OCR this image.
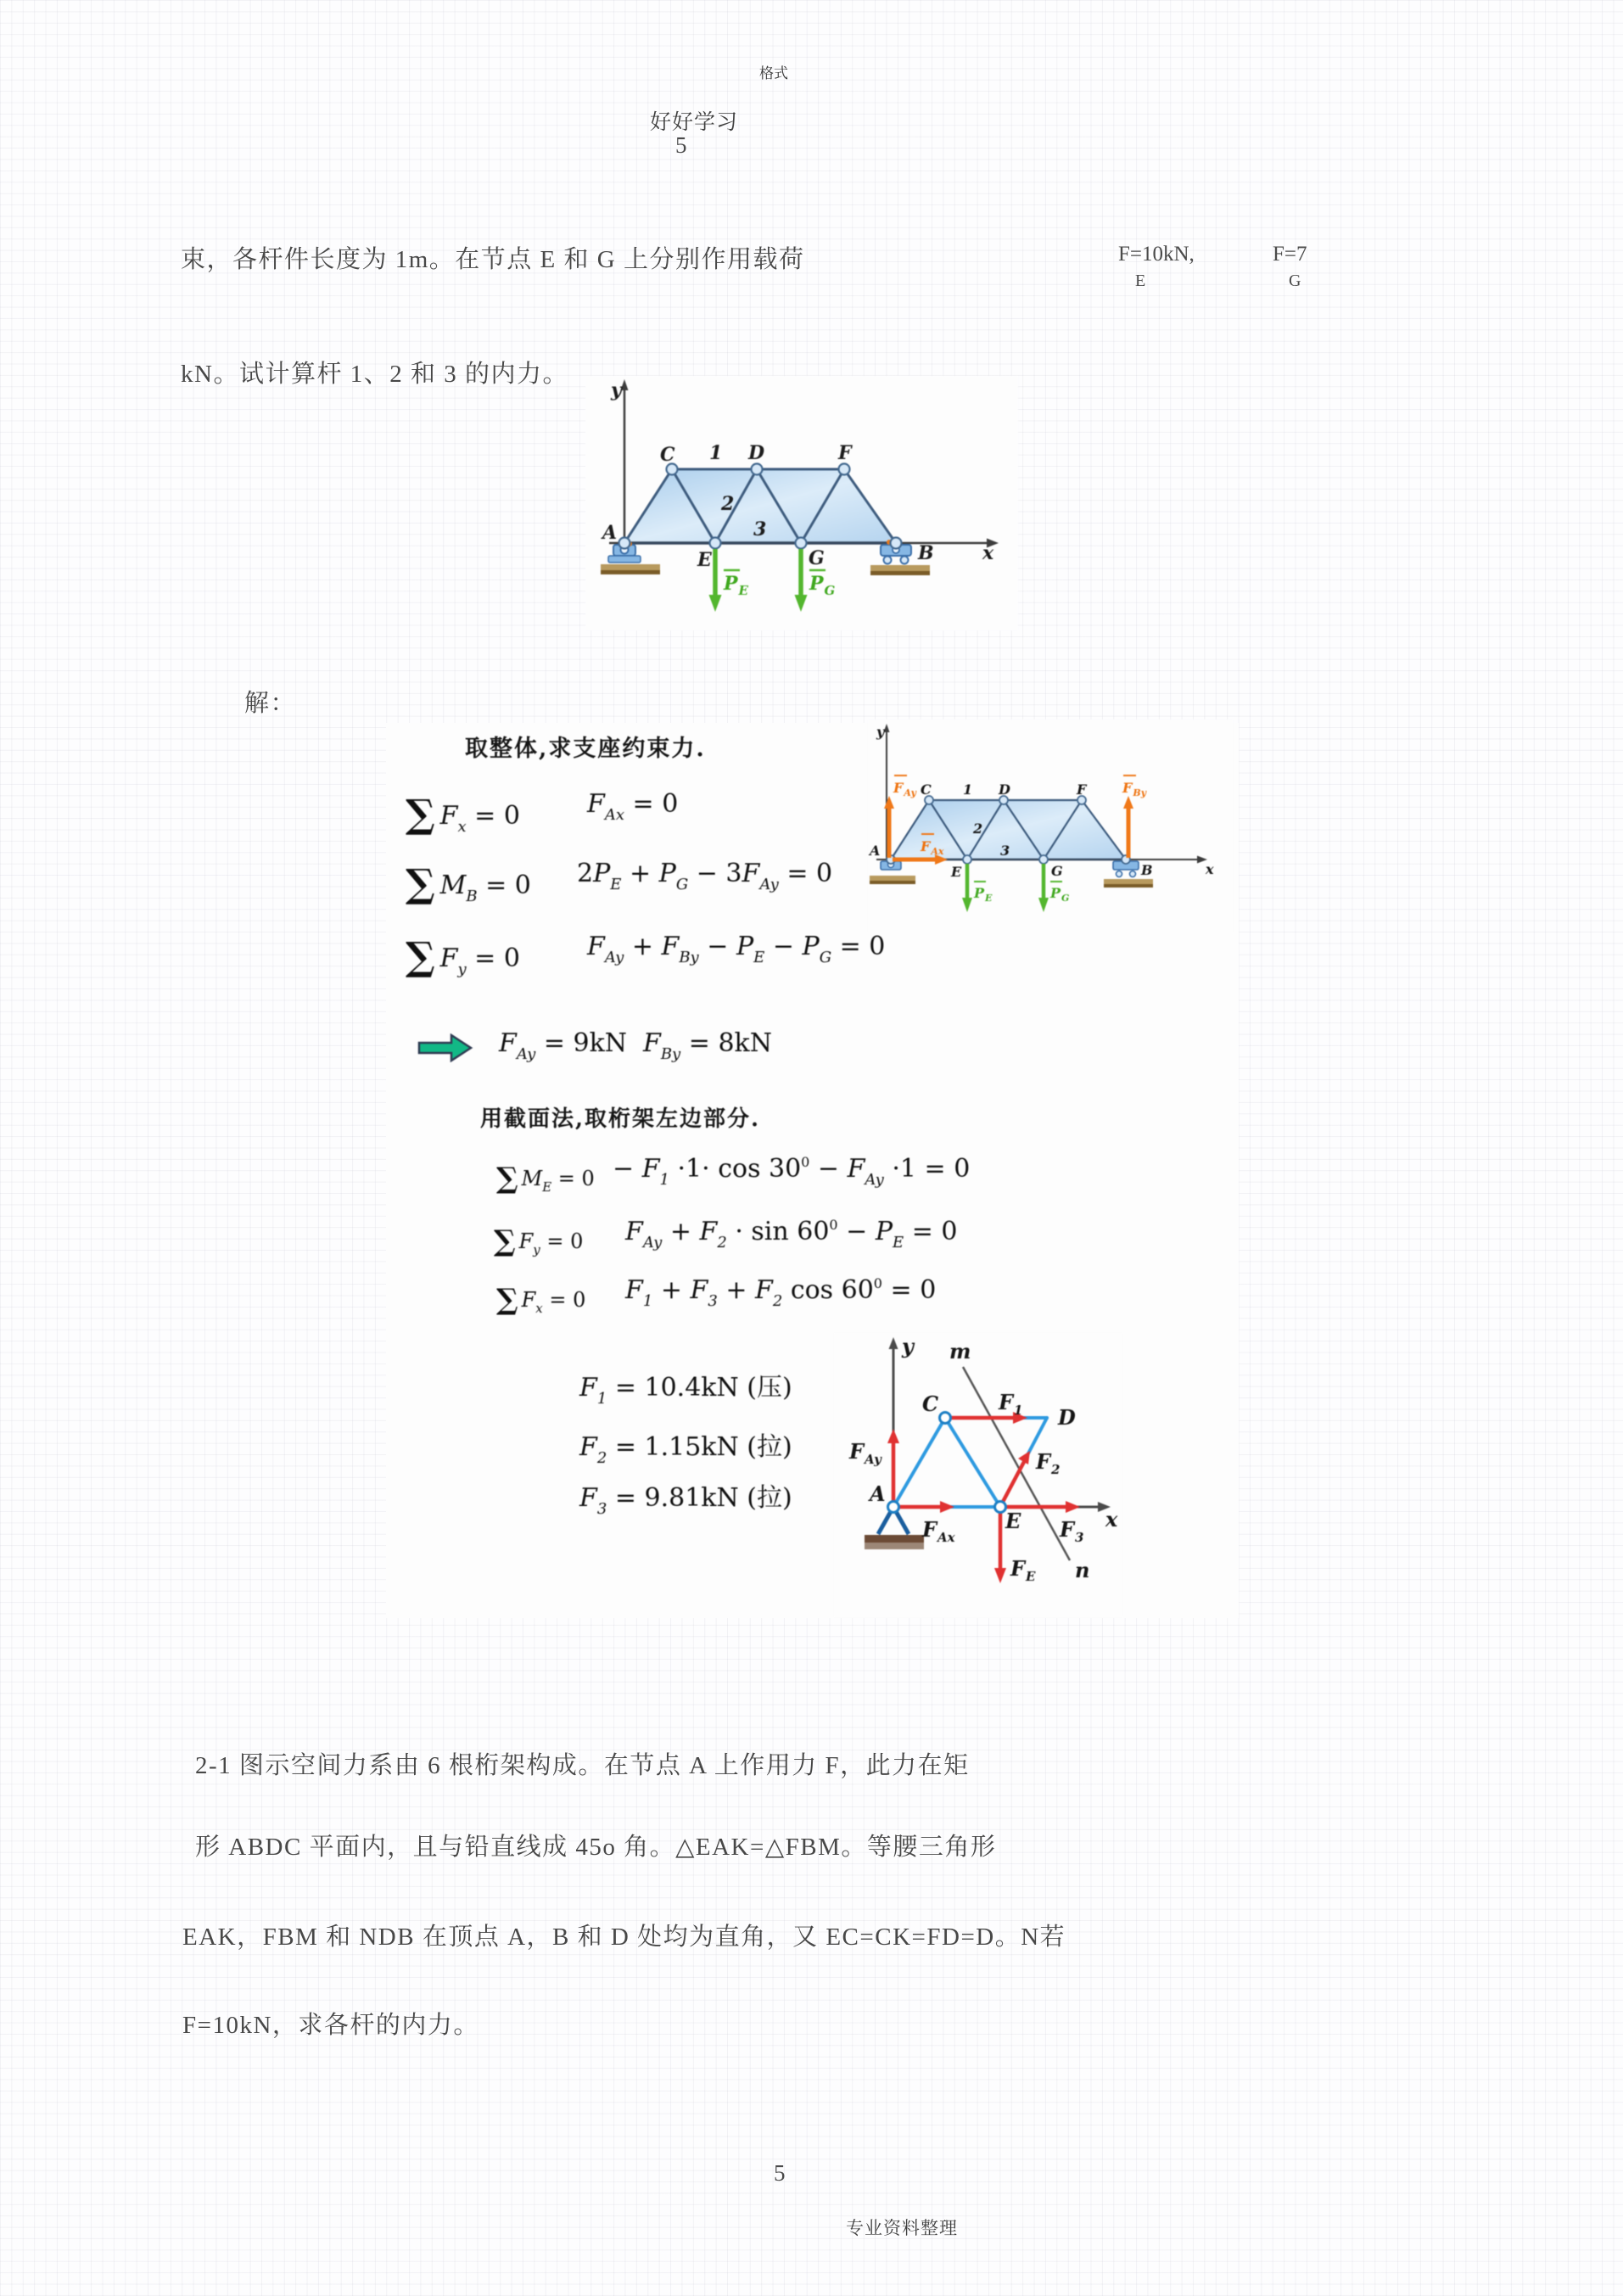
格式
好好学习
5
束，各杆件长度为 1m。在节点 E 和 G 上分别作用载荷	F=10kN,
E
F=7
G
kN。试计算杆 1、2 和 3 的内力。
$P_E$	$P_G$
y
x
A
C 1 D	F
2
3
E	G	B
解：
取整体,求支座约束力.
∑ Fx = 0	FAx = 0
∑ MB = 0 2PE + PG − 3FAy = 0
∑ Fy = 0	FAy + FBy − PE − PG = 0
FAy = 9kN FBy = 8kN
用截面法,取桁架左边部分.
∑ ME = 0 − F1 ·1· cos 300 − FAy ·1 = 0
∑ Fy = 0 FAy + F2 · sin 600 − PE = 0
∑ Fx = 0 F1 + F3 + F2 cos 600 = 0
F1 = 10.4kN (压)
F2 = 1.15kN (拉)
F3 = 9.81kN (拉)
$F_{Ay}$
$F_{Ax}$
$F_{By}$
$P_E$	$P_G$
y
x
A
C 1 D	F
2
3
E	G	B
y
x
m
n
A
C
D
E
$F_{Ay}$
$F_{Ax}$
$F_1$
$F_2$
$F_3$
$F_E$
2-1 图示空间力系由 6 根桁架构成。在节点 A 上作用力 F，此力在矩
形 ABDC 平面内，且与铅直线成 45o 角。△EAK=△FBM。等腰三角形
EAK，FBM 和 NDB 在顶点 A，B 和 D 处均为直角，又 EC=CK=FD=D。N若
F=10kN，求各杆的内力。
5
专业资料整理
